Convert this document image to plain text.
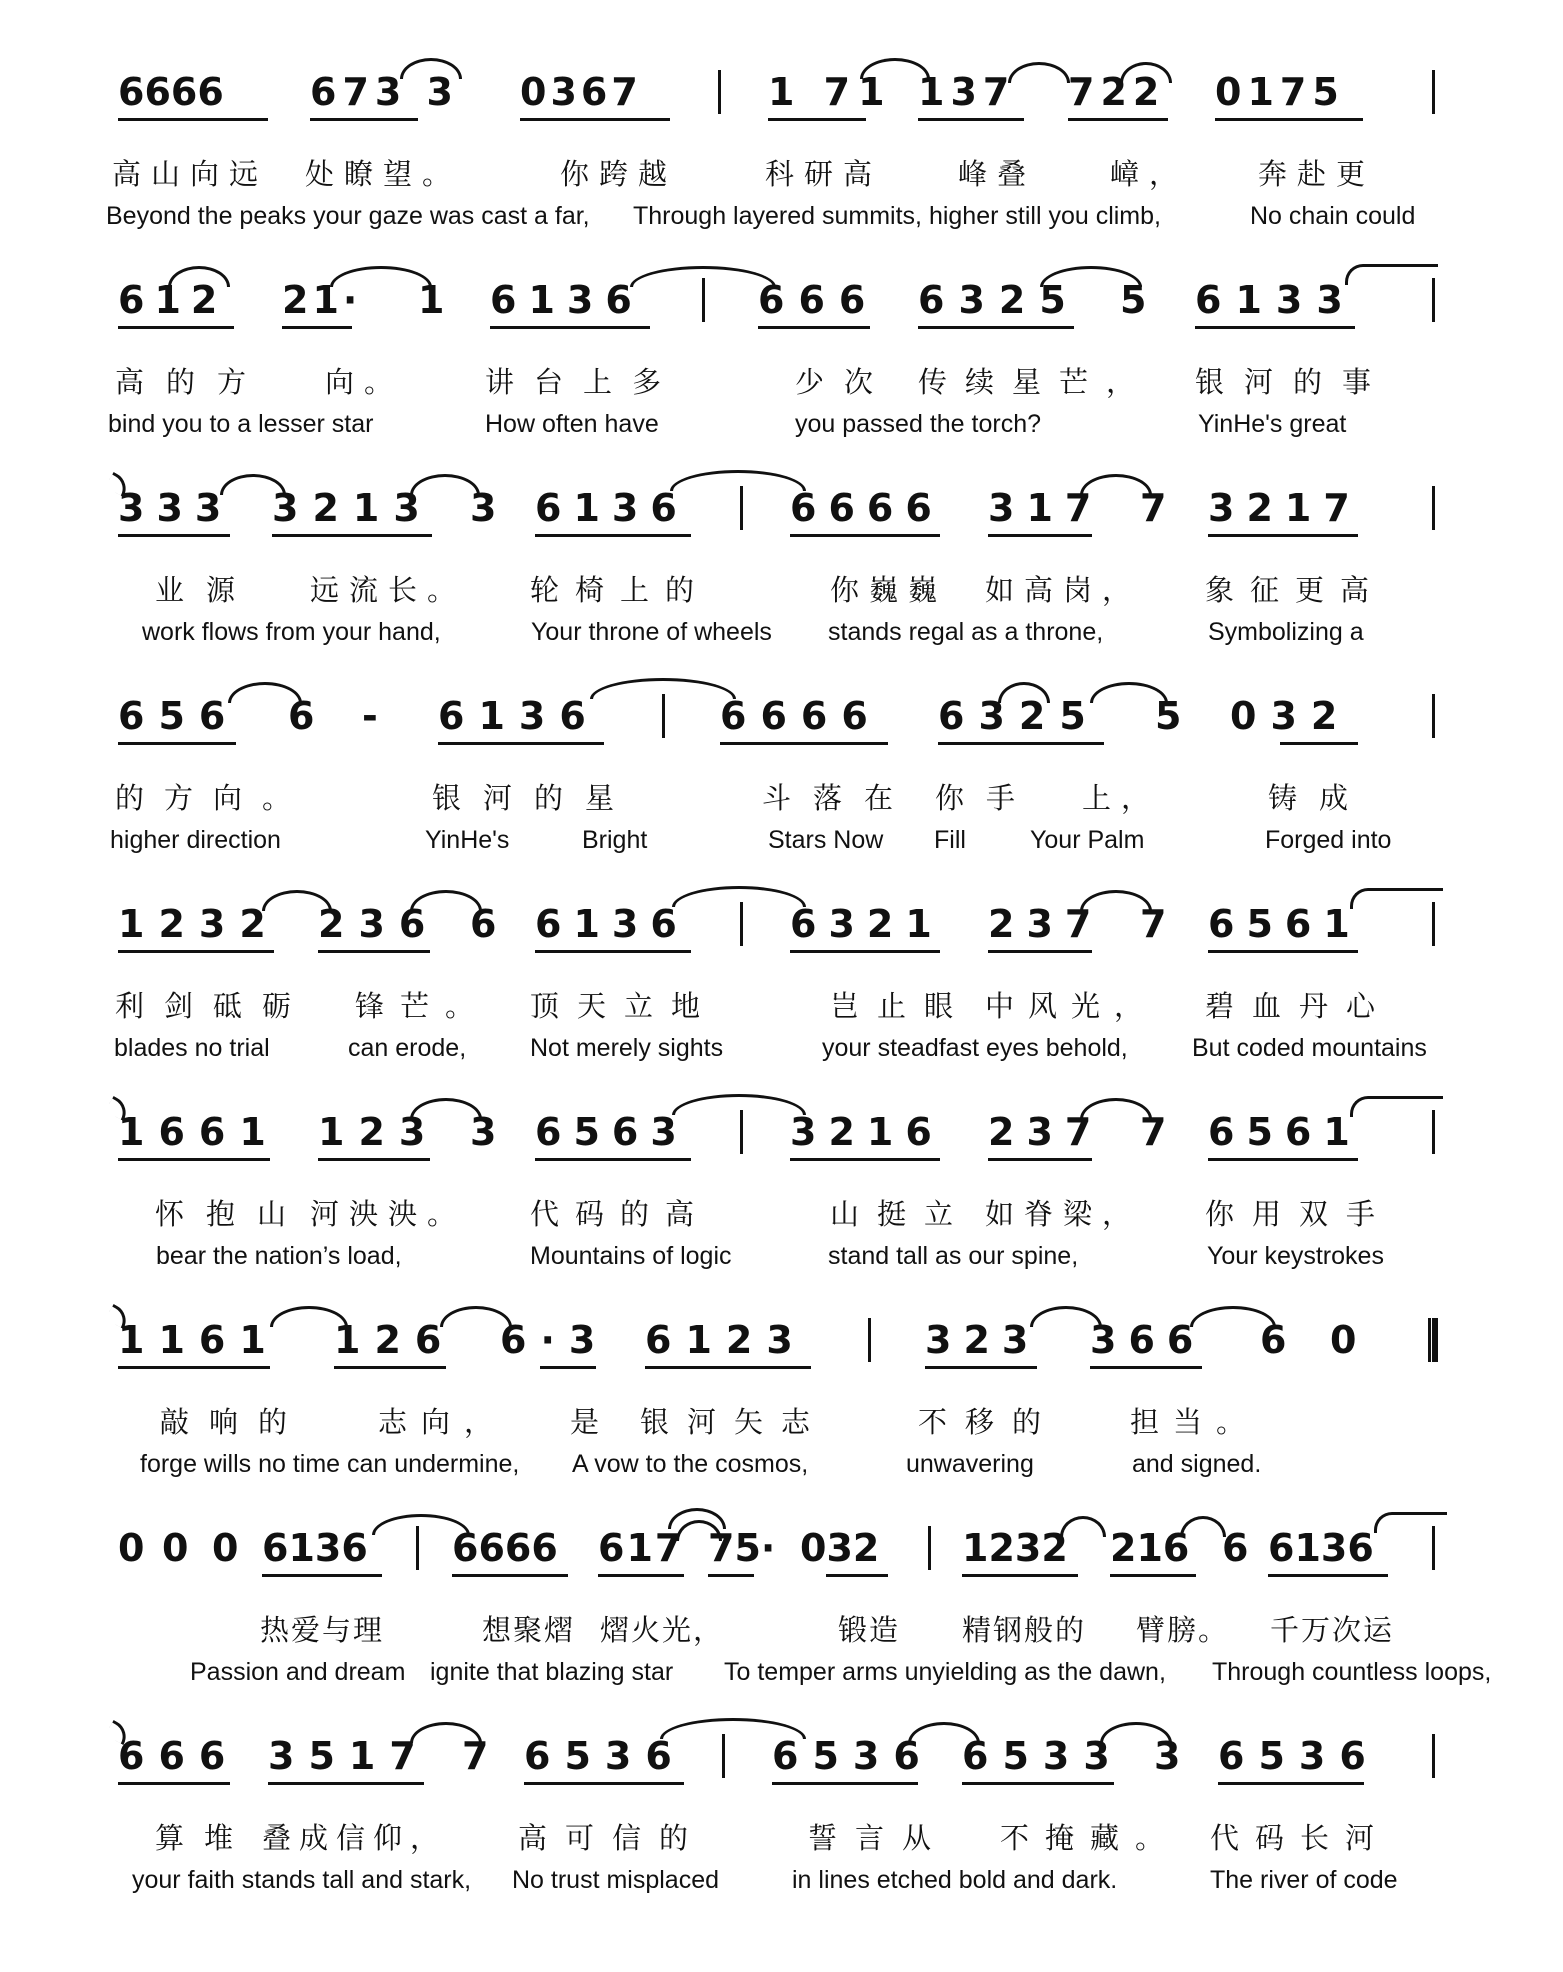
6666 673 3 0367	1 71 137 722 0175
高山向远 处瞭望。	你跨越	科研高	峰叠	嶂， 奔赴更
Beyond the peaks your gaze was cast a far, Through layered summits, higher still you climb,	No chain could
612 21· 1 6136	666 6325 5 6133
高的方 向。	讲台上多	少次 传续星芒， 银河的事
bind you to a lesser star	How often have	you passed the torch?	YinHe's great
333 3213 3 6136	6666 317 7 3217
业源 远流长。 轮椅上的	你巍巍 如高岗， 象征更高
work flows from your hand,	Your throne of wheels stands regal as a throne,	Symbolizing a
656 6 - 6136	6666 6325 5 032
的方向。	银河的星	斗落在 你手 上，	铸成
higher direction	YinHe's	Bright	Stars Now Fill	Your Palm	Forged into
1232 236 6 6136	6321 237 7 6561
利剑砥砺 锋芒。 顶天立地	岂止眼 中风光， 碧血丹心
blades no trial	can erode,	Not merely sights	your steadfast eyes behold,	But coded mountains
1661 123 3 6563	3216 237 7 6561
怀抱山 河泱泱。 代码的高	山挺立 如脊梁， 你用双手
bear the nation’s load,	Mountains of logic	stand tall as our spine,	Your keystrokes
1161 126 6·3 6123	323 366 6 0
敲响的 志向， 是 银河矢志	不移的 担当。
forge wills no time can undermine, A vow to the cosmos,	unwavering	and signed.
0 0 0 6136 6666 617 75· 032 1232 216 6 6136
热爱与理	想聚熠 熠火光，	锻造 精钢般的 臂膀。 千万次运
Passion and dream ignite that blazing star To temper arms unyielding as the dawn, Through countless loops,
666 3517 7 6536 6536 6533 3 6536
算堆 叠成信仰， 高可信的	誓言从 不掩藏。 代码长河
your faith stands tall and stark, No trust misplaced	in lines etched bold and dark.	The river of code
